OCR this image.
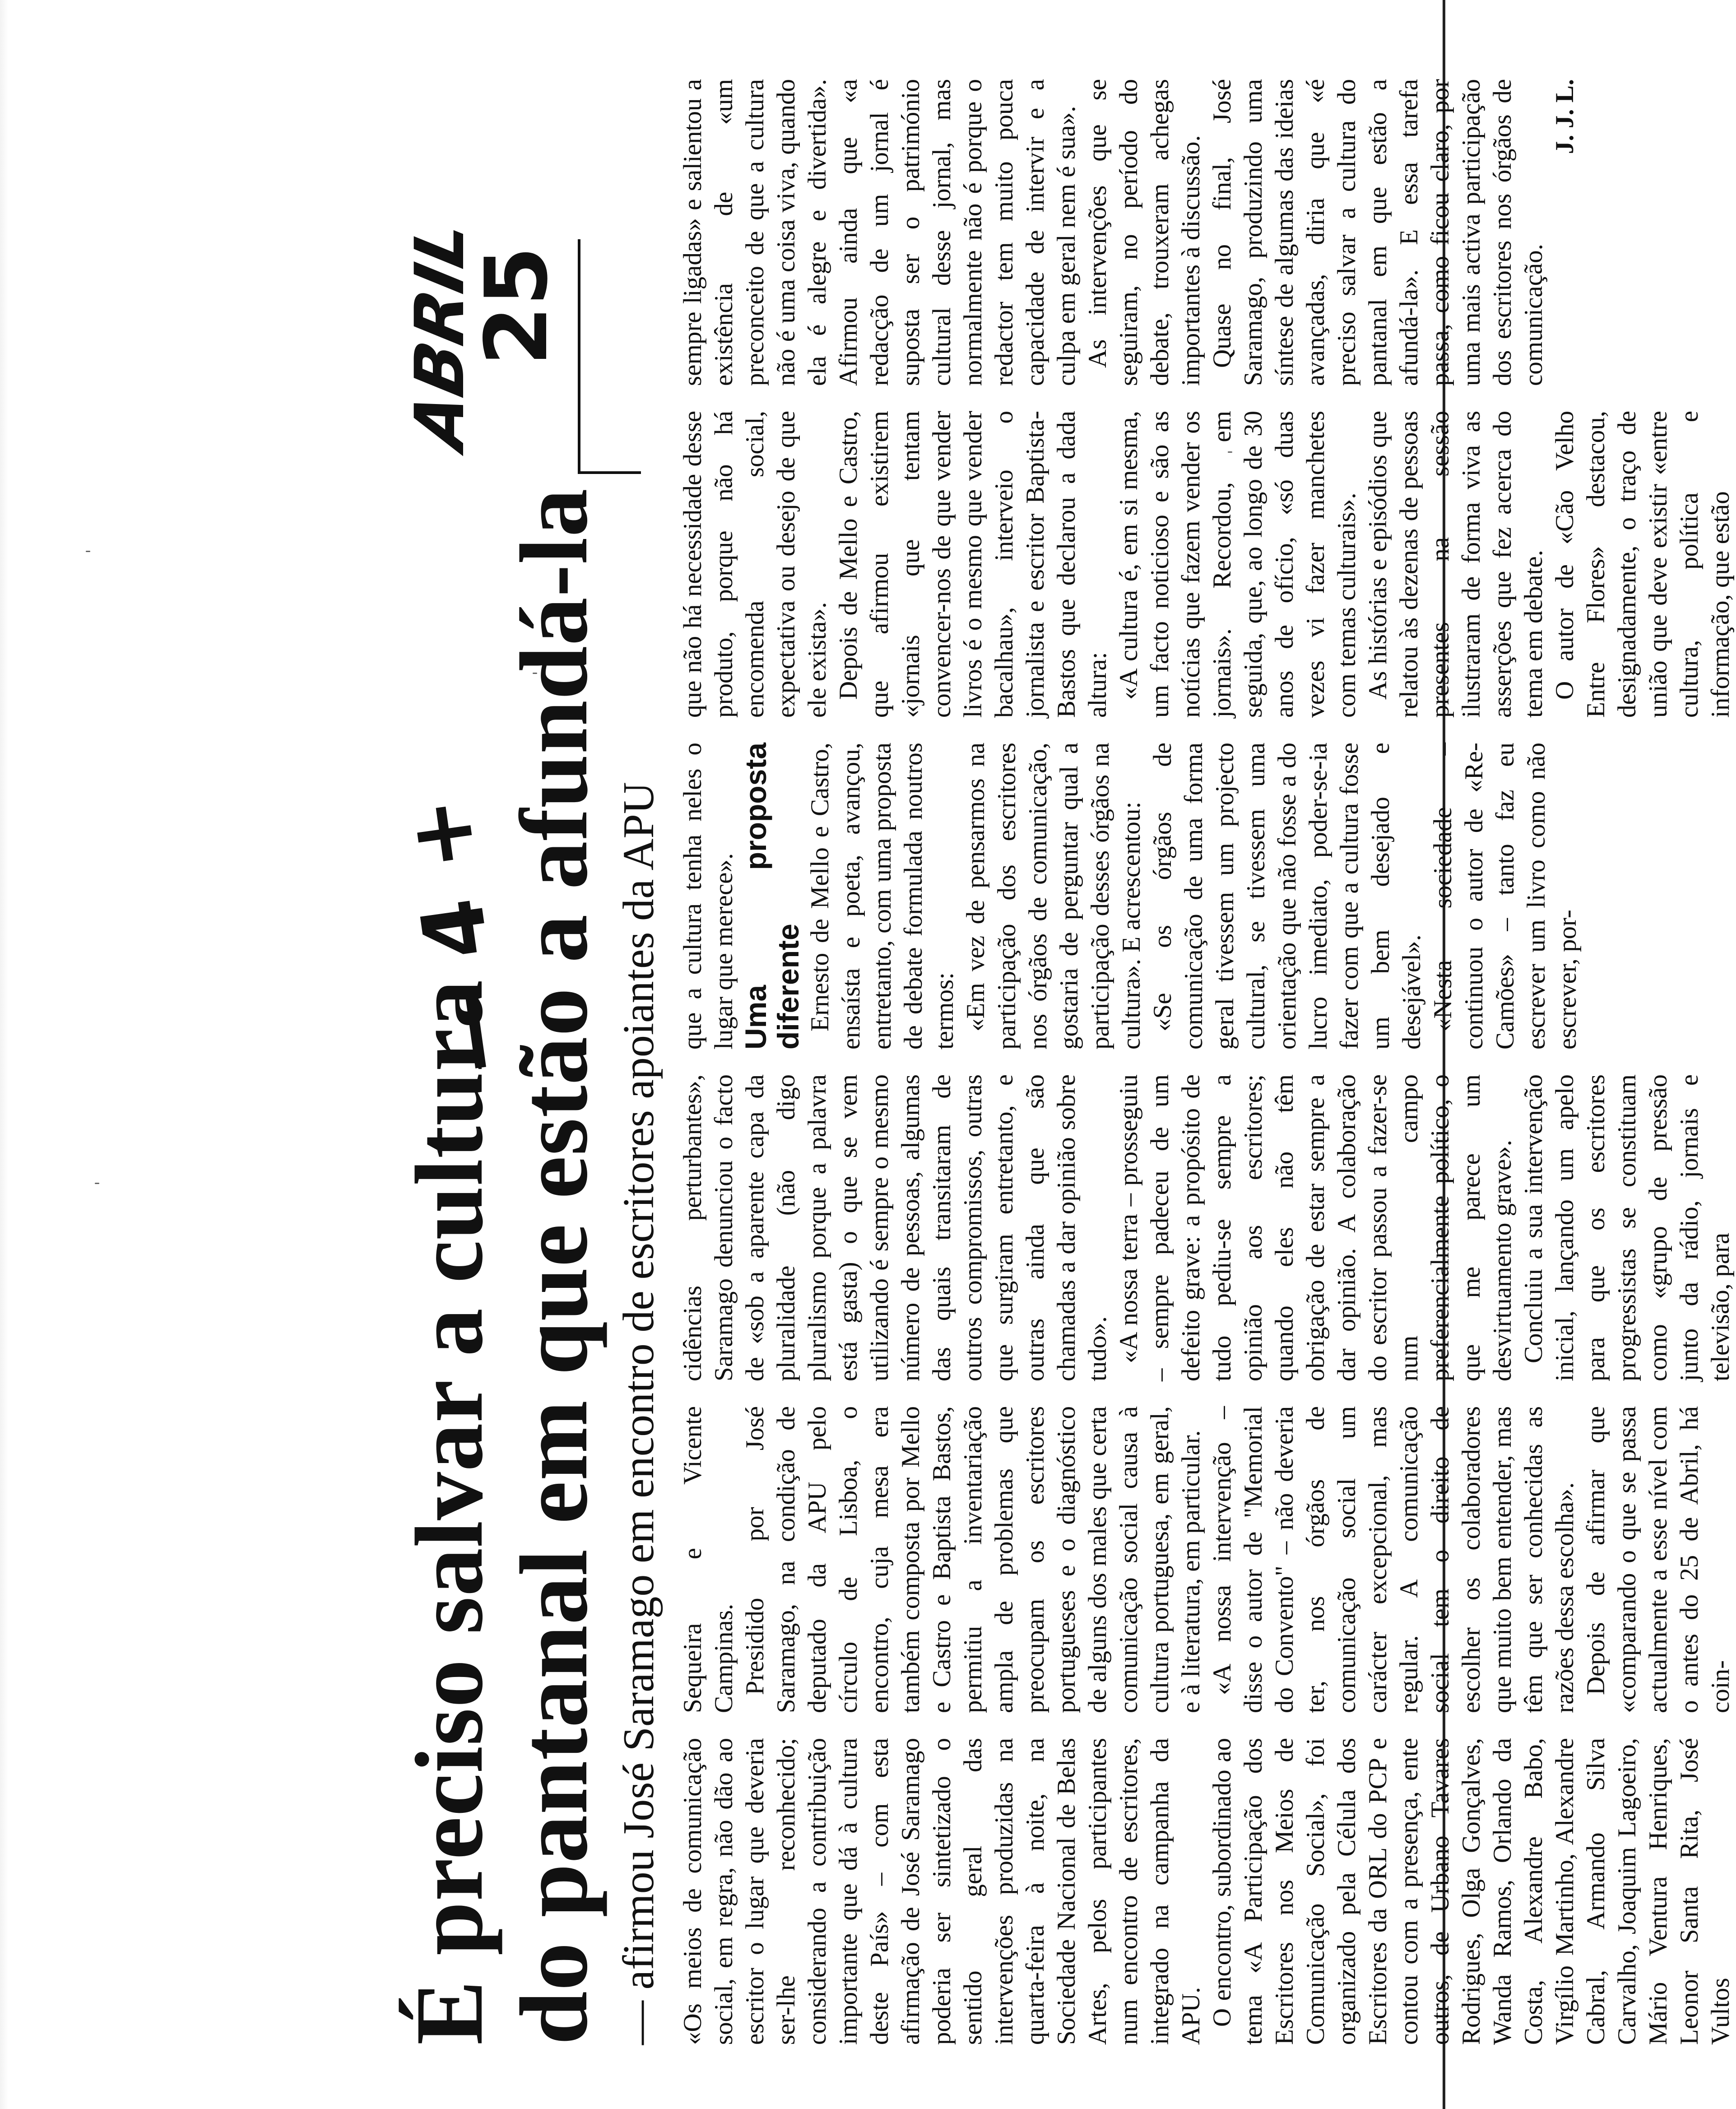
É preciso salvar a cultura
do pantanal em que estão a afundá-la
— 4 + — afirmou José Saramago em encontro de escritores apoiantes da APU «Os meios de comunicação social, em regra, não dão ao escritor o lugar que deveria ser-lhe reconhecido; considerando a contribuição importante que dá à cultura deste País» – com esta afirmação de José Saramago poderia ser sintetizado o sentido geral das intervenções produzidas na quarta-feira à noite, na Sociedade Nacional de Belas Artes, pelos participantes num encontro de escritores, integrado na campanha da APU. O encontro, subordinado ao tema «A Participação dos Escritores nos Meios de Comunicação Social», foi organizado pela Célula dos Escritores da ORL do PCP e contou com a presença, ente outros, de Urbano Tavares Rodrigues, Olga Gonçalves, Wanda Ramos, Orlando da Costa, Alexandre Babo, Virgílio Martinho, Alexandre Cabral, Armando Silva Carvalho, Joaquim Lagoeiro, Mário Ventura Henriques, Leonor Santa Rita, José Vultos

Sequeira e Vicente Campinas. Presidido por José Saramago, na condição de deputado da APU pelo círculo de Lisboa, o encontro, cuja mesa era também composta por Mello e Castro e Baptista Bastos, permitiu a inventariação ampla de problemas que preocupam os escritores portugueses e o diagnóstico de alguns dos males que certa comunicação social causa à cultura portuguesa, em geral, e à literatura, em particular. «A nossa intervenção – disse o autor de "Memorial do Convento" – não deveria ter, nos órgãos de comunicação social um carácter excepcional, mas regular. A comunicação social tem o direito de escolher os colaboradores que muito bem entender, mas têm que ser conhecidas as razões dessa escolha». Depois de afirmar que «comparando o que se passa actualmente a esse nível com o antes do 25 de Abril, há coin-

cidências perturbantes», Saramago denunciou o facto de «sob a aparente capa da pluralidade (não digo pluralismo porque a palavra está gasta) o que se vem utilizando é sempre o mesmo número de pessoas, algumas das quais transitaram de outros compromissos, outras que surgiram entretanto, e outras ainda que são chamadas a dar opinião sobre tudo». «A nossa terra – prosseguiu – sempre padeceu de um defeito grave: a propósito de tudo pediu-se sempre a opinião aos escritores; quando eles não têm obrigação de estar sempre a dar opinião. A colaboração do escritor passou a fazer-se num campo preferencialmente político, o que me parece um desvirtuamento grave». Concluiu a sua intervenção inicial, lançando um apelo para que os escritores progressistas se constituam como «grupo de pressão junto da rádio, jornais e televisão, para

que a cultura tenha neles o lugar que merece». Uma proposta diferente Ernesto de Mello e Castro, ensaísta e poeta, avançou, entretanto, com uma proposta de debate formulada noutros termos: «Em vez de pensarmos na participação dos escritores nos órgãos de comunicação, gostaria de perguntar qual a participação desses órgãos na cultura». E acrescentou: «Se os órgãos de comunicação de uma forma geral tivessem um projecto cultural, se tivessem uma orientação que não fosse a do lucro imediato, poder-se-ia fazer com que a cultura fosse um bem desejado e desejável». «Nesta sociedade – continuou o autor de «Re-Camões» – tanto faz eu escrever um livro como não escrever, por-

que não há necessidade desse produto, porque não há encomenda social, expectativa ou desejo de que ele exista». Depois de Mello e Castro, que afirmou existirem «jornais que tentam convencer-nos de que vender livros é o mesmo que vender bacalhau», interveio o jornalista e escritor Baptista-Bastos que declarou a dada altura: «A cultura é, em si mesma, um facto noticioso e são as notícias que fazem vender os jornais». Recordou, em seguida, que, ao longo de 30 anos de ofício, «só duas vezes vi fazer manchetes com temas culturais». As histórias e episódios que relatou às dezenas de pessoas presentes na sessão ilustraram de forma viva as asserções que fez acerca do tema em debate. O autor de «Cão Velho Entre Flores» destacou, designadamente, o traço de união que deve existir «entre cultura, política e informação, que estão

sempre ligadas» e salientou a existência de «um preconceito de que a cultura não é uma coisa viva, quando ela é alegre e divertida». Afirmou ainda que «a redacção de um jornal é suposta ser o património cultural desse jornal, mas normalmente não é porque o redactor tem muito pouca capacidade de intervir e a culpa em geral nem é sua». As intervenções que se seguiram, no período do debate, trouxeram achegas importantes à discussão. Quase no final, José Saramago, produzindo uma síntese de algumas das ideias avançadas, diria que «é preciso salvar a cultura do pantanal em que estão a afundá-la». E essa tarefa passa, como ficou claro, por uma mais activa participação dos escritores nos órgãos de comunicação.

J. J. L.

ABRIL
25
